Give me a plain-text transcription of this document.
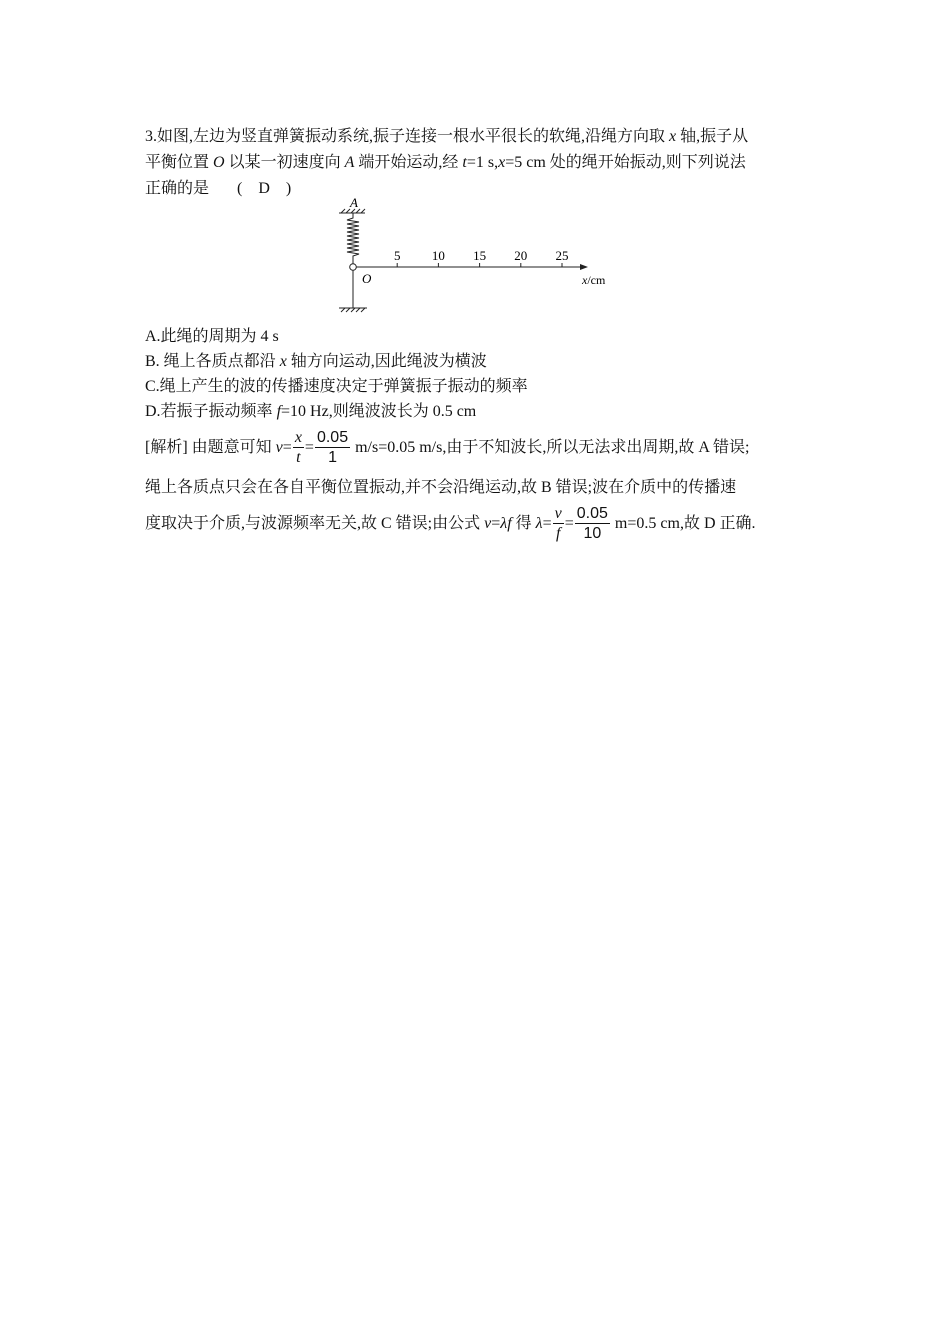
3.如图,左边为竖直弹簧振动系统,振子连接一根水平很长的软绳,沿绳方向取 x 轴,振子从
平衡位置 O 以某一初速度向 A 端开始运动,经 t=1 s,x=5 cm 处的绳开始振动,则下列说法
正确的是 (　D　)
A
5 10 15 20 25
O	x/cm
A.此绳的周期为 4 s
B. 绳上各质点都沿 x 轴方向运动,因此绳波为横波
C.绳上产生的波的传播速度决定于弹簧振子振动的频率
D.若振子振动频率 f=10 Hz,则绳波波长为 0.5 cm
[解析] 由题意可知 $v= \frac{x}{t} = \frac{0.05}{1} m/s=0.05$ m/s,由于不知波长,所以无法求出周期,故 A 错误;
绳上各质点只会在各自平衡位置振动,并不会沿绳运动,故 B 错误;波在介质中的传播速
度取决于介质,与波源频率无关,故 C 错误;由公式 v=λf 得 $\lambda= \frac{v}{f} = \frac{0.05}{10} m=0.5$ cm,故 D 正确.
